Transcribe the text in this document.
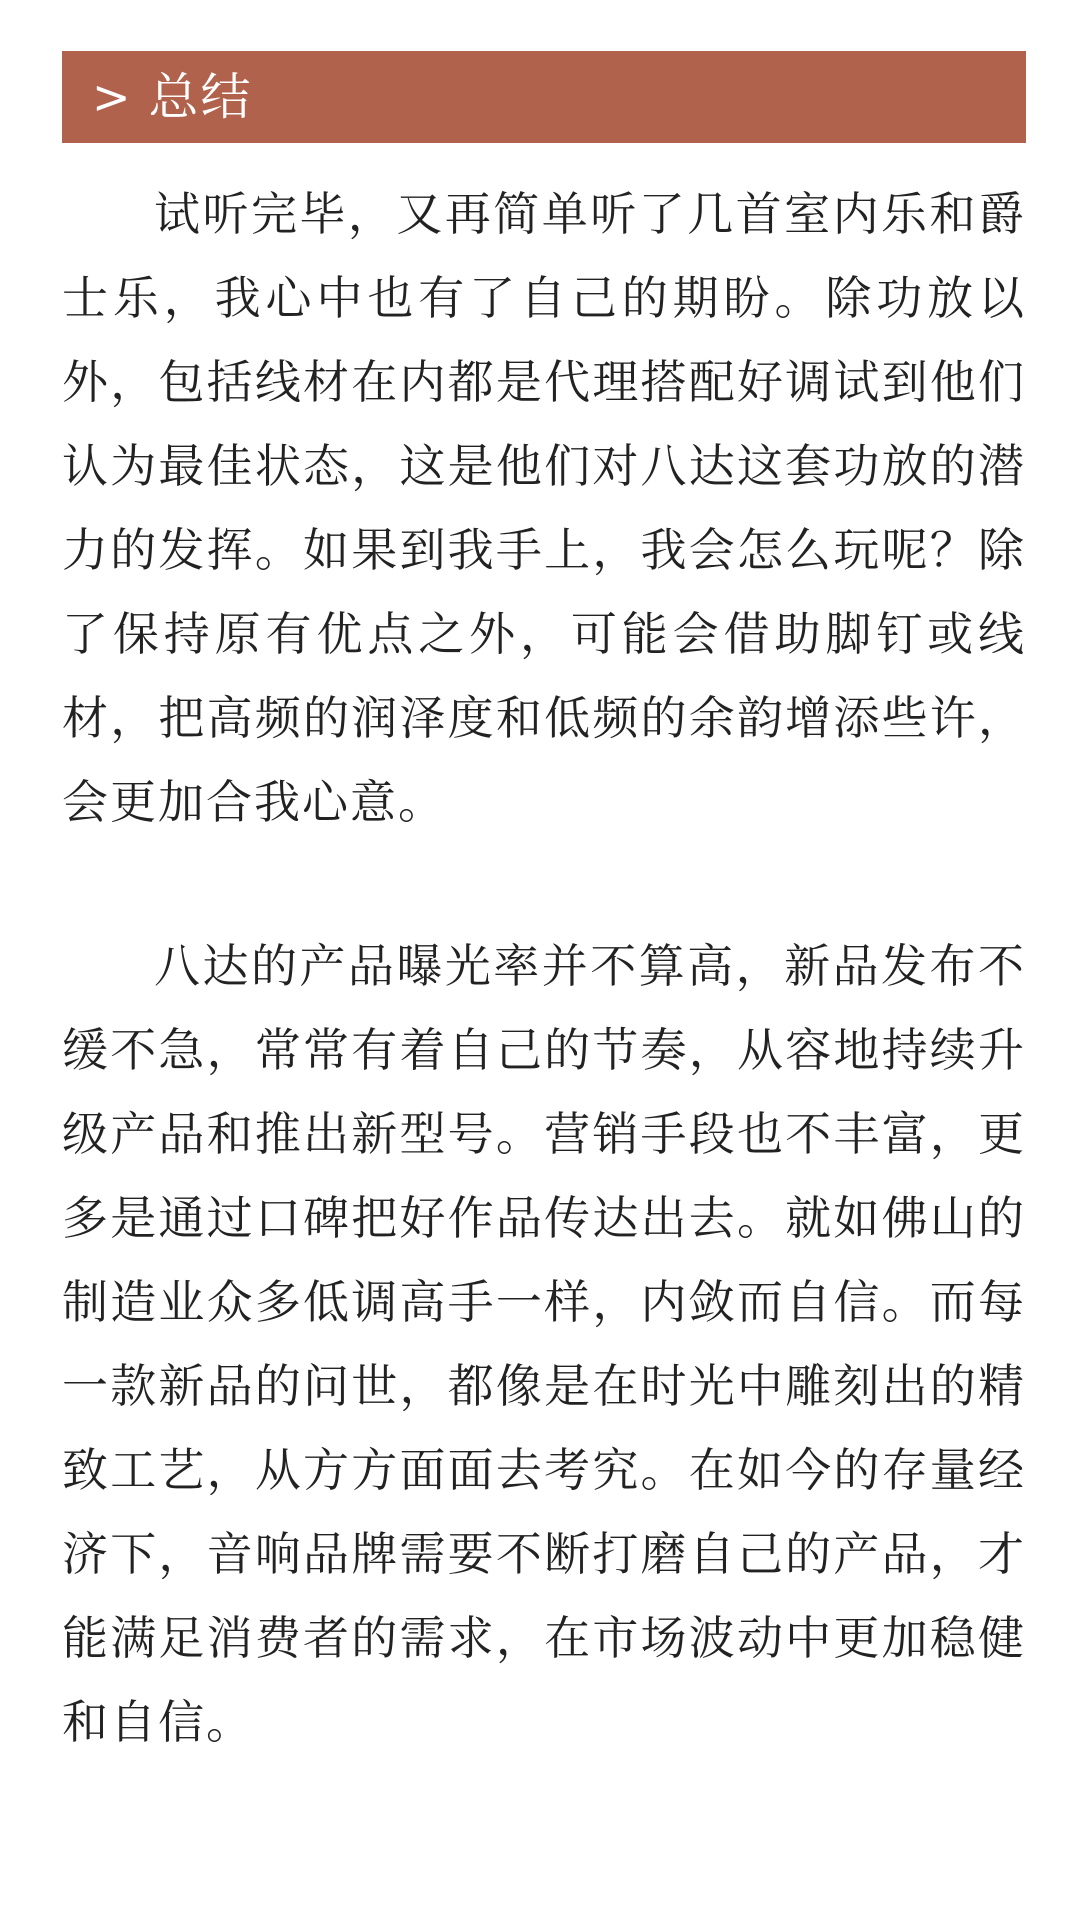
> 总结

试听完毕，又再简单听了几首室内乐和爵士乐，我心中也有了自己的期盼。除功放以外，包括线材在内都是代理搭配好调试到他们认为最佳状态，这是他们对八达这套功放的潜力的发挥。如果到我手上，我会怎么玩呢？除了保持原有优点之外，可能会借助脚钉或线材，把高频的润泽度和低频的余韵增添些许，会更加合我心意。

八达的产品曝光率并不算高，新品发布不缓不急，常常有着自己的节奏，从容地持续升级产品和推出新型号。营销手段也不丰富，更多是通过口碑把好作品传达出去。就如佛山的制造业众多低调高手一样，内敛而自信。而每一款新品的问世，都像是在时光中雕刻出的精致工艺，从方方面面去考究。在如今的存量经济下，音响品牌需要不断打磨自己的产品，才能满足消费者的需求，在市场波动中更加稳健和自信。
